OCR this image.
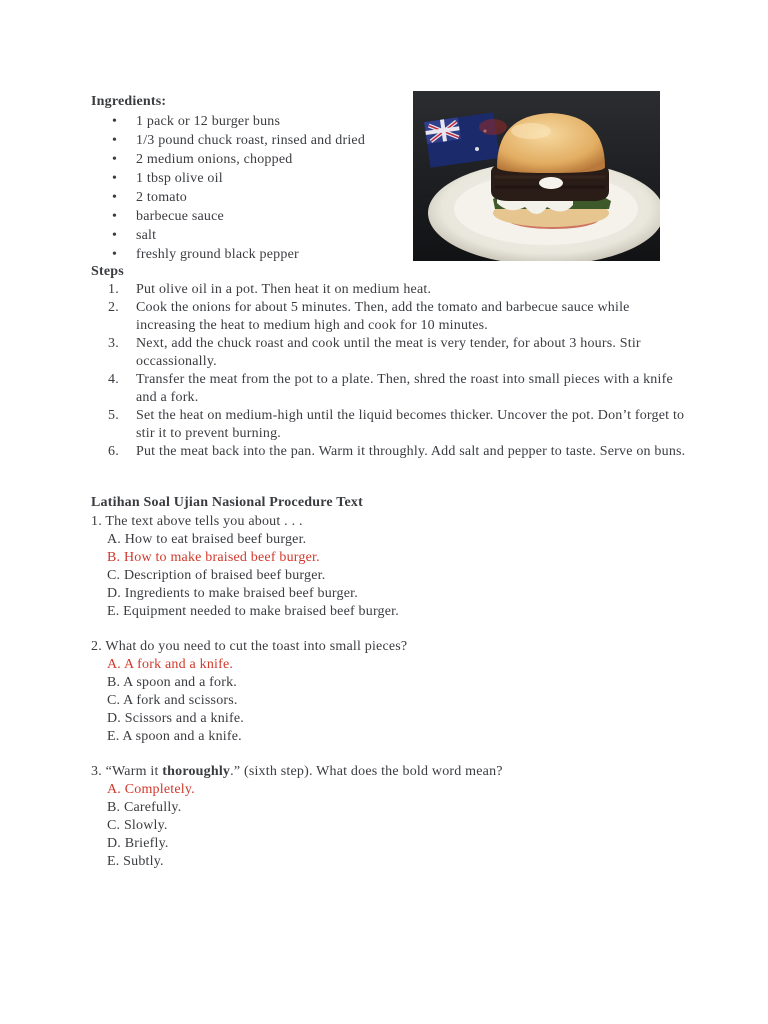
Ingredients:
• 1 pack or 12 burger buns
• 1/3 pound chuck roast, rinsed and dried
• 2 medium onions, chopped
• 1 tbsp olive oil
• 2 tomato
• barbecue sauce
• salt
• freshly ground black pepper
Steps
1. Put olive oil in a pot. Then heat it on medium heat.
2. Cook the onions for about 5 minutes. Then, add the tomato and barbecue sauce while increasing the heat to medium high and cook for 10 minutes.
3. Next, add the chuck roast and cook until the meat is very tender, for about 3 hours. Stir occassionally.
4. Transfer the meat from the pot to a plate. Then, shred the roast into small pieces with a knife and a fork.
5. Set the heat on medium-high until the liquid becomes thicker. Uncover the pot. Don’t forget to stir it to prevent burning.
6. Put the meat back into the pan. Warm it throughly. Add salt and pepper to taste. Serve on buns.
Latihan Soal Ujian Nasional Procedure Text
1. The text above tells you about . . .
A. How to eat braised beef burger.
B. How to make braised beef burger.
C. Description of braised beef burger.
D. Ingredients to make braised beef burger.
E. Equipment needed to make braised beef burger.
2. What do you need to cut the toast into small pieces?
A. A fork and a knife.
B. A spoon and a fork.
C. A fork and scissors.
D. Scissors and a knife.
E. A spoon and a knife.
3. “Warm it thoroughly.” (sixth step). What does the bold word mean?
A. Completely.
B. Carefully.
C. Slowly.
D. Briefly.
E. Subtly.
